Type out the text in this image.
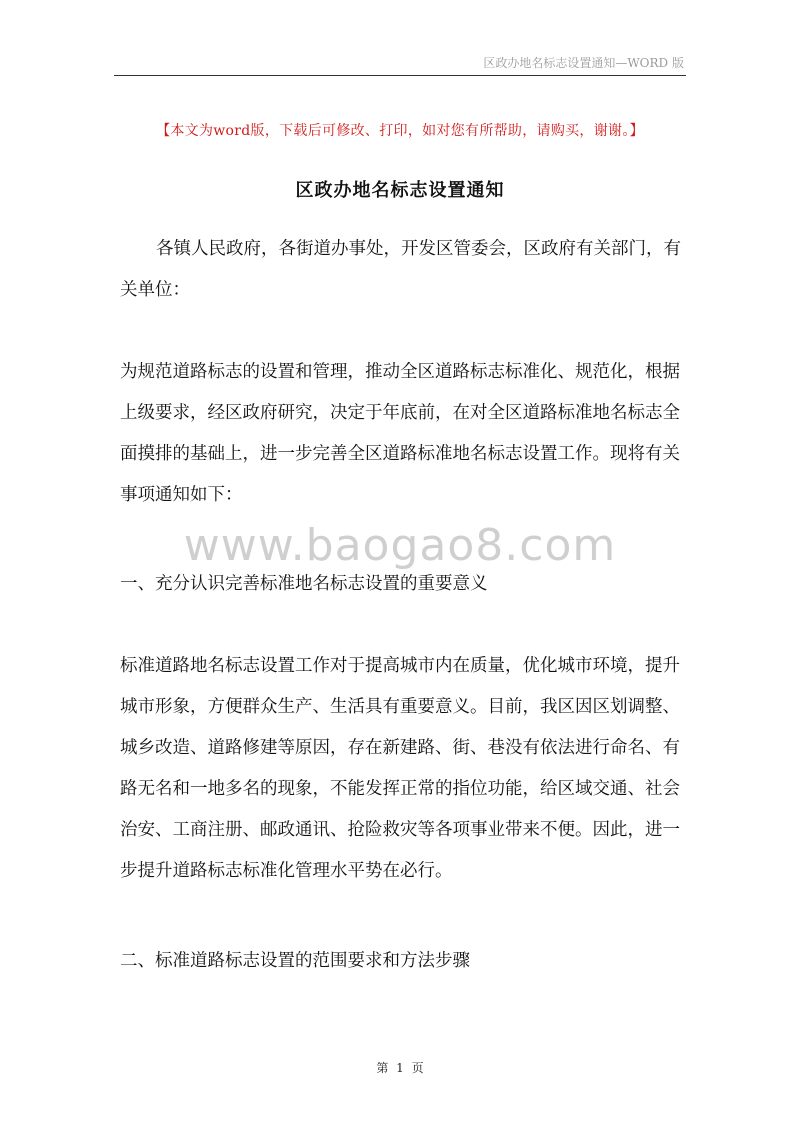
区政办地名标志设置通知—WORD 版
【本文为word版，下载后可修改、打印，如对您有所帮助，请购买，谢谢。】
区政办地名标志设置通知

各镇人民政府，各街道办事处，开发区管委会，区政府有关部门，有关单位：

为规范道路标志的设置和管理，推动全区道路标志标准化、规范化，根据上级要求，经区政府研究，决定于年底前，在对全区道路标准地名标志全面摸排的基础上，进一步完善全区道路标准地名标志设置工作。现将有关事项通知如下：

www.baogao8.com

一、充分认识完善标准地名标志设置的重要意义

标准道路地名标志设置工作对于提高城市内在质量，优化城市环境，提升城市形象，方便群众生产、生活具有重要意义。目前，我区因区划调整、城乡改造、道路修建等原因，存在新建路、街、巷没有依法进行命名、有路无名和一地多名的现象，不能发挥正常的指位功能，给区域交通、社会治安、工商注册、邮政通讯、抢险救灾等各项事业带来不便。因此，进一步提升道路标志标准化管理水平势在必行。

二、标准道路标志设置的范围要求和方法步骤

第 1 页
